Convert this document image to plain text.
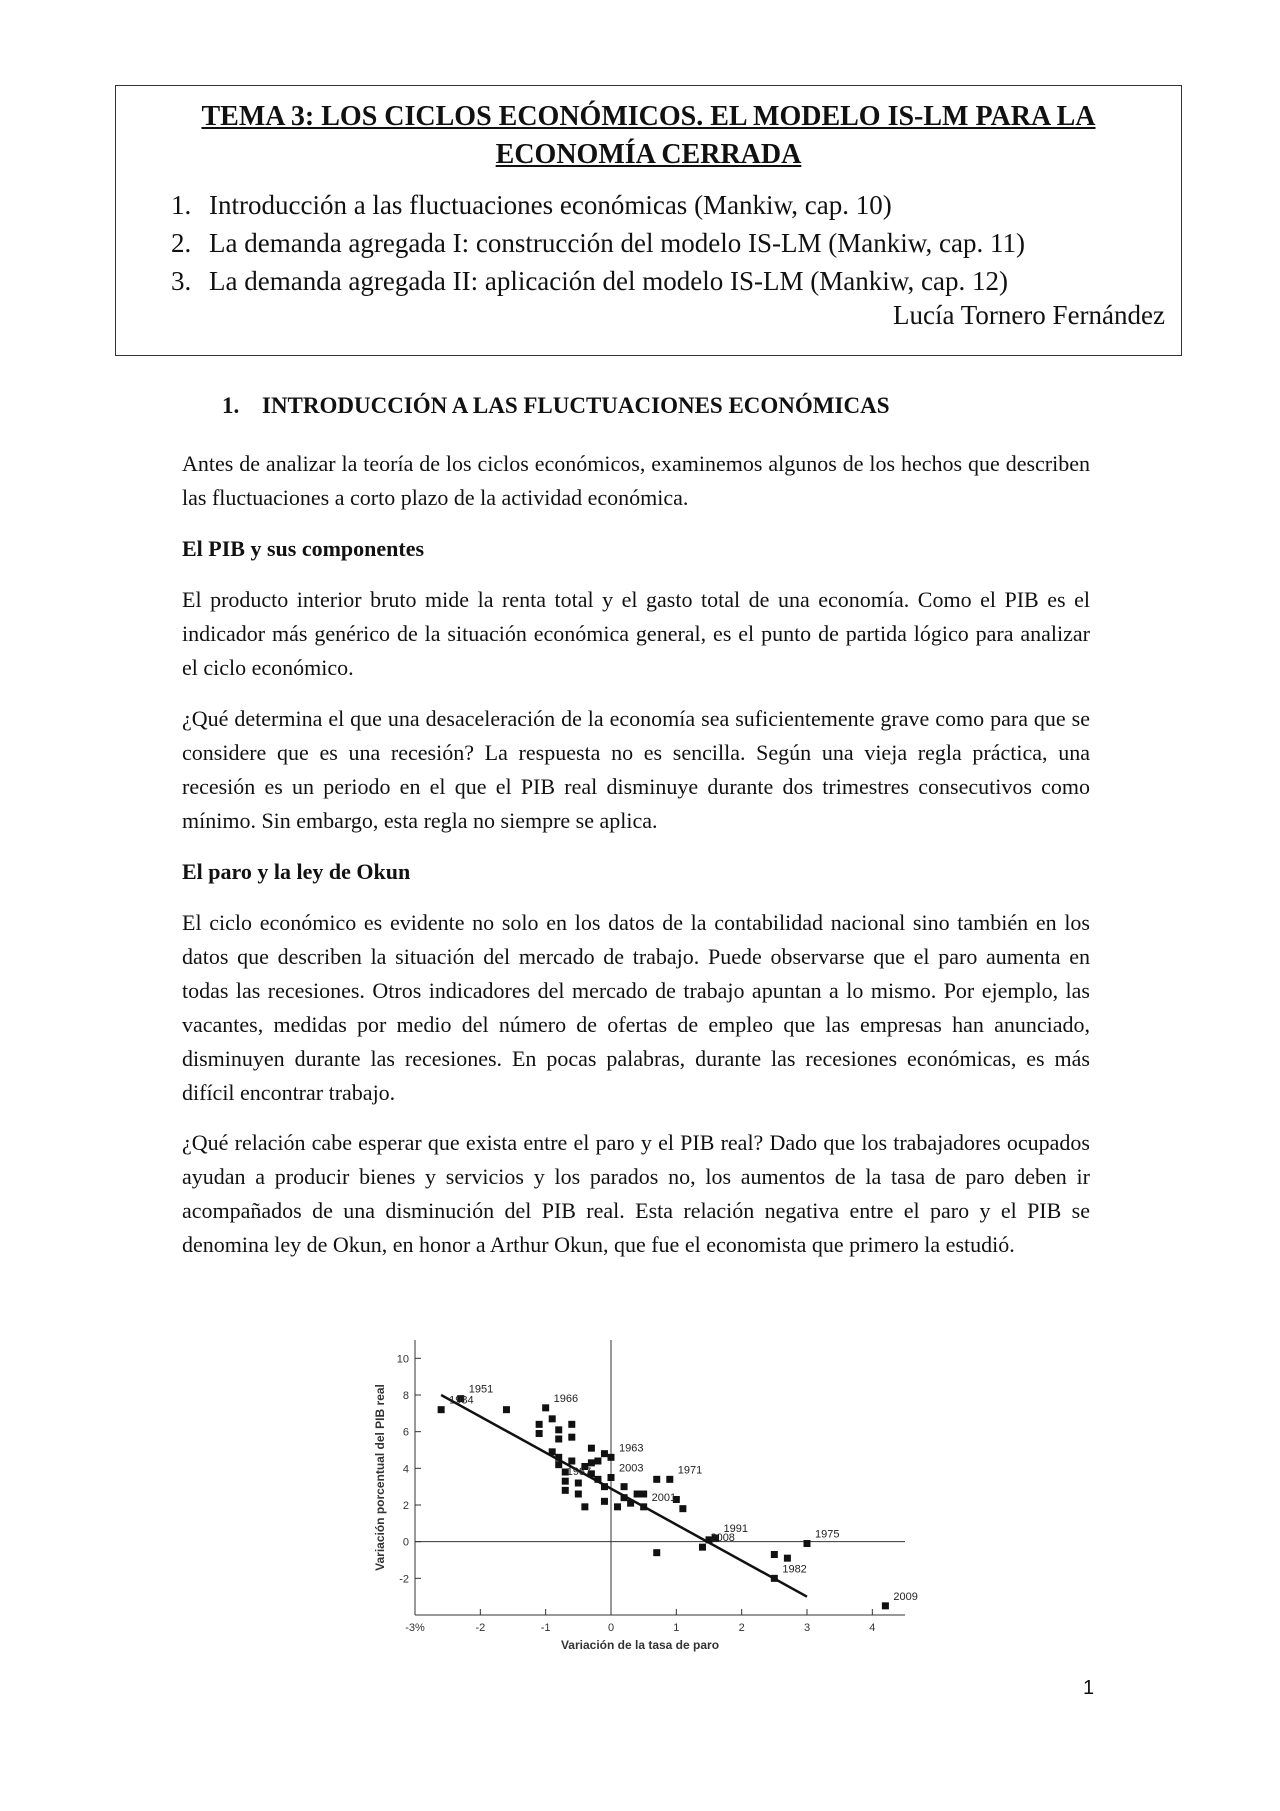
TEMA 3: LOS CICLOS ECONÓMICOS. EL MODELO IS-LM PARA LA
ECONOMÍA CERRADA
1. Introducción a las fluctuaciones económicas (Mankiw, cap. 10)
2. La demanda agregada I: construcción del modelo IS-LM (Mankiw, cap. 11)
3. La demanda agregada II: aplicación del modelo IS-LM (Mankiw, cap. 12)
Lucía Tornero Fernández
1. INTRODUCCIÓN A LAS FLUCTUACIONES ECONÓMICAS

Antes de analizar la teoría de los ciclos económicos, examinemos algunos de los hechos que describen las fluctuaciones a corto plazo de la actividad económica.

El PIB y sus componentes

El producto interior bruto mide la renta total y el gasto total de una economía. Como el PIB es el indicador más genérico de la situación económica general, es el punto de partida lógico para analizar el ciclo económico.

¿Qué determina el que una desaceleración de la economía sea suficientemente grave como para que se considere que es una recesión? La respuesta no es sencilla. Según una vieja regla práctica, una recesión es un periodo en el que el PIB real disminuye durante dos trimestres consecutivos como mínimo. Sin embargo, esta regla no siempre se aplica.

El paro y la ley de Okun

El ciclo económico es evidente no solo en los datos de la contabilidad nacional sino también en los datos que describen la situación del mercado de trabajo. Puede observarse que el paro aumenta en todas las recesiones. Otros indicadores del mercado de trabajo apuntan a lo mismo. Por ejemplo, las vacantes, medidas por medio del número de ofertas de empleo que las empresas han anunciado, disminuyen durante las recesiones. En pocas palabras, durante las recesiones económicas, es más difícil encontrar trabajo.

¿Qué relación cabe esperar que exista entre el paro y el PIB real? Dado que los trabajadores ocupados ayudan a producir bienes y servicios y los parados no, los aumentos de la tasa de paro deben ir acompañados de una disminución del PIB real. Esta relación negativa entre el paro y el PIB se denomina ley de Okun, en honor a Arthur Okun, que fue el economista que primero la estudió.

-2
0
2
4
6
8
10
-3%	-2	-1	0	1	2	3	4
Variación de la tasa de paro
Variación porcentual del PIB real	1951
1984	1966
1963
2003	1971
1987
2001
2008
1991	1975
1982
2009
1
